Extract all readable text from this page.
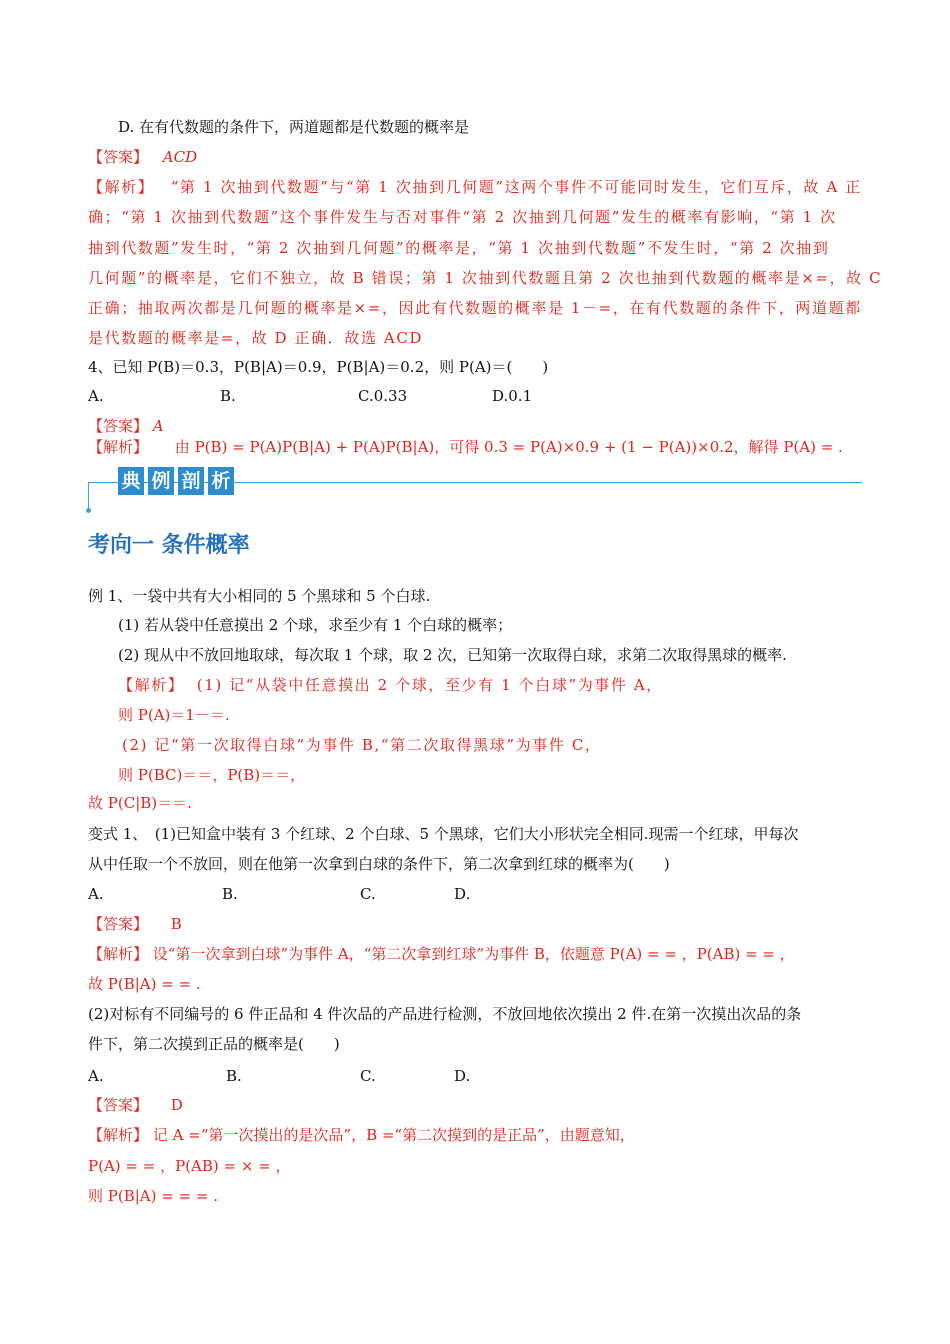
D. 在有代数题的条件下，两道题都是代数题的概率是
【答案】 ACD
【解析】 “第 1 次抽到代数题”与“第 1 次抽到几何题”这两个事件不可能同时发生，它们互斥，故 A 正
确；“第 1 次抽到代数题”这个事件发生与否对事件“第 2 次抽到几何题”发生的概率有影响，“第 1 次
抽到代数题”发生时，“第 2 次抽到几何题”的概率是，“第 1 次抽到代数题”不发生时，“第 2 次抽到
几何题”的概率是，它们不独立，故 B 错误；第 1 次抽到代数题且第 2 次也抽到代数题的概率是×=，故 C
正确；抽取两次都是几何题的概率是×=，因此有代数题的概率是 1－=，在有代数题的条件下，两道题都
是代数题的概率是=，故 D 正确．故选 ACD
4、已知 P(B)＝0.3，P(B|A)＝0.9，P(B|A)＝0.2，则 P(A)＝(　　)
A.	B.	C.0.33	D.0.1
【答案】 A
【解析】 由 P(B) = P(A)P(B|A) + P(A)P(B|A)，可得 0.3 = P(A)×0.9 + (1 − P(A))×0.2，解得 P(A) = .
典 例 剖 析
考向一 条件概率
例 1、一袋中共有大小相同的 5 个黑球和 5 个白球.
(1) 若从袋中任意摸出 2 个球，求至少有 1 个白球的概率；
(2) 现从中不放回地取球，每次取 1 个球，取 2 次，已知第一次取得白球，求第二次取得黑球的概率.
【解析】 (1) 记“从袋中任意摸出 2 个球，至少有 1 个白球”为事件 A，
则 P(A)＝1－＝.
(2) 记“第一次取得白球”为事件 B,“第二次取得黑球”为事件 C，
则 P(BC)＝＝，P(B)＝＝，
故 P(C|B)＝＝.
变式 1、　(1)已知盒中装有 3 个红球、2 个白球、5 个黑球，它们大小形状完全相同.现需一个红球，甲每次
从中任取一个不放回，则在他第一次拿到白球的条件下，第二次拿到红球的概率为(　　)
A.	B.	C.	D.
【答案】 B
【解析】 设“第一次拿到白球”为事件 A，“第二次拿到红球”为事件 B，依题意 P(A) = = ，P(AB) = = ，
故 P(B|A) = = .
(2)对标有不同编号的 6 件正品和 4 件次品的产品进行检测，不放回地依次摸出 2 件.在第一次摸出次品的条
件下，第二次摸到正品的概率是(　　)
A.	B.	C.	D.
【答案】 D
【解析】 记 A =“第一次摸出的是次品”，B =“第二次摸到的是正品”，由题意知，
P(A) = = ，P(AB) = × = ，
则 P(B|A) = = = .
